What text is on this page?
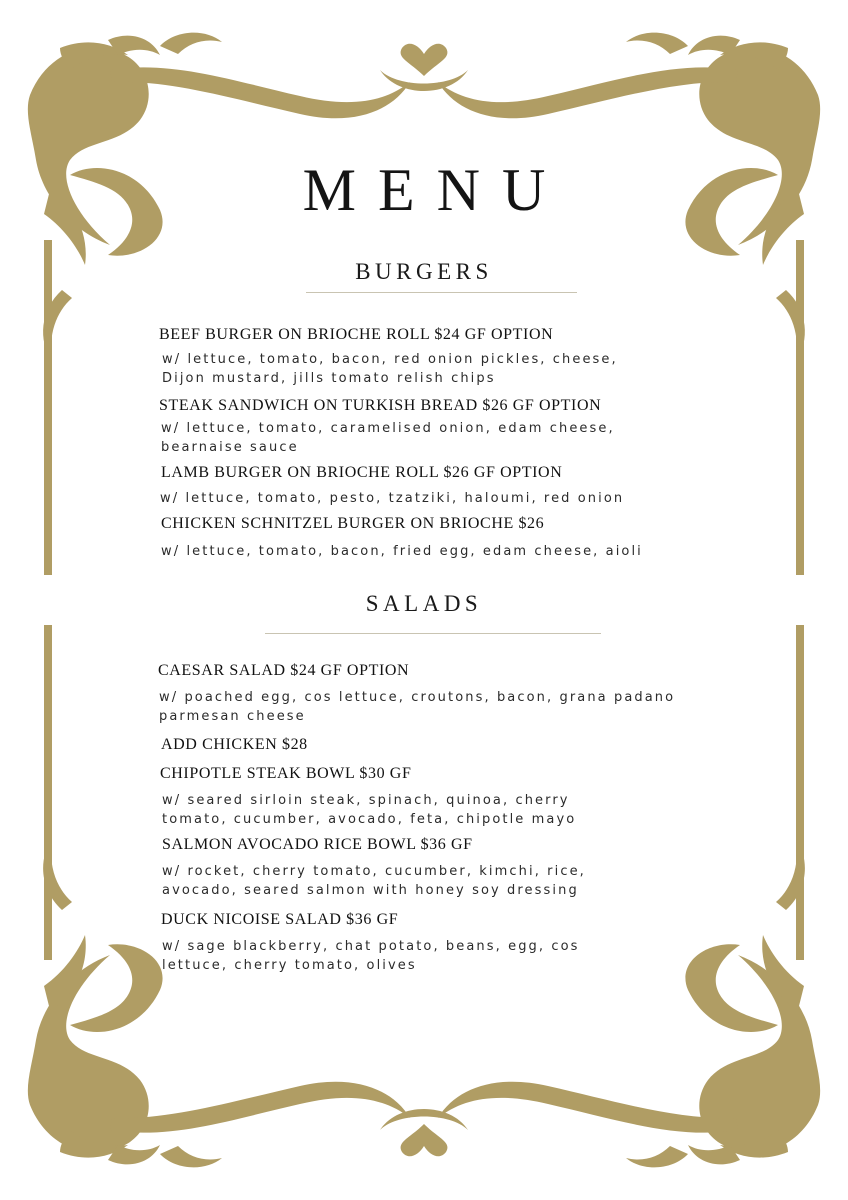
MENU
BURGERS
BEEF BURGER ON BRIOCHE ROLL $24 GF OPTION
w/ lettuce, tomato, bacon, red onion pickles, cheese,
Dijon mustard, jills tomato relish chips
STEAK SANDWICH ON TURKISH BREAD $26 GF OPTION
w/ lettuce, tomato, caramelised onion, edam cheese,
bearnaise sauce
LAMB BURGER ON BRIOCHE ROLL $26 GF OPTION
w/ lettuce, tomato, pesto, tzatziki, haloumi, red onion
CHICKEN SCHNITZEL BURGER ON BRIOCHE $26
w/ lettuce, tomato, bacon, fried egg, edam cheese, aioli
SALADS
CAESAR SALAD $24 GF OPTION
w/ poached egg, cos lettuce, croutons, bacon, grana padano
parmesan cheese
ADD CHICKEN $28
CHIPOTLE STEAK BOWL $30 GF
w/ seared sirloin steak, spinach, quinoa, cherry
tomato, cucumber, avocado, feta, chipotle mayo
SALMON AVOCADO RICE BOWL $36 GF
w/ rocket, cherry tomato, cucumber, kimchi, rice,
avocado, seared salmon with honey soy dressing
DUCK NICOISE SALAD $36 GF
w/ sage blackberry, chat potato, beans, egg, cos
lettuce, cherry tomato, olives
